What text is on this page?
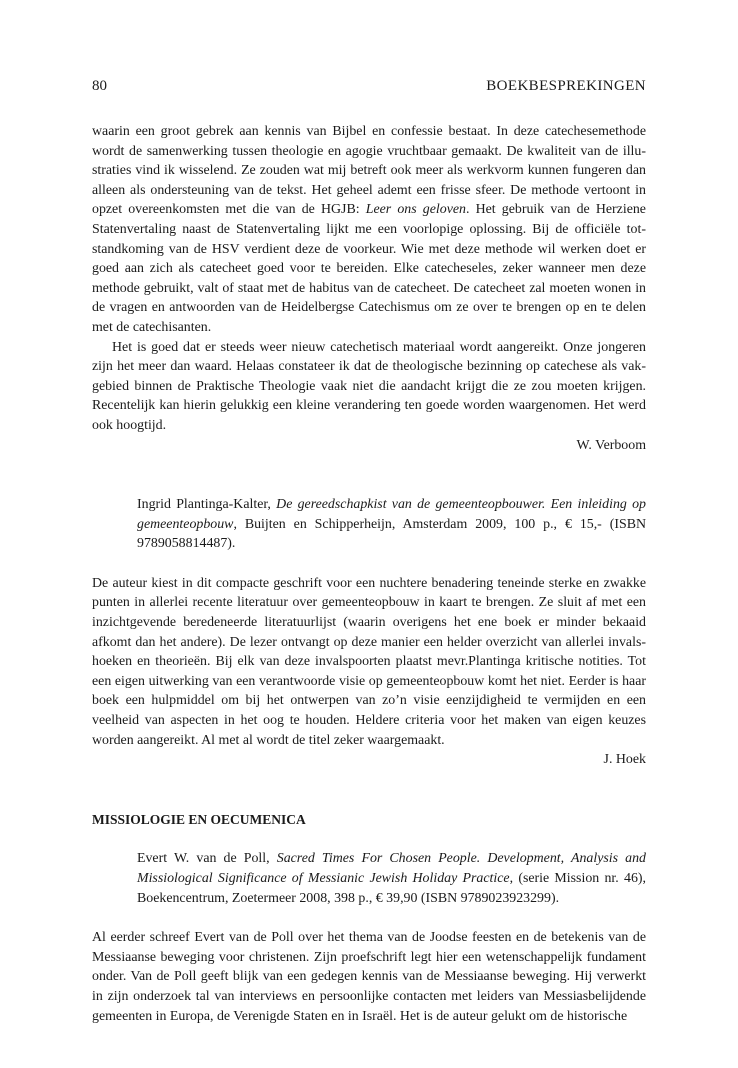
80	BOEKBESPREKINGEN

waarin een groot gebrek aan kennis van Bijbel en confessie bestaat. In deze catechesemethode wordt de samenwerking tussen theologie en agogie vruchtbaar gemaakt. De kwaliteit van de illustraties vind ik wisselend. Ze zouden wat mij betreft ook meer als werkvorm kunnen fungeren dan alleen als ondersteuning van de tekst. Het geheel ademt een frisse sfeer. De methode vertoont in opzet overeenkomsten met die van de HGJB: Leer ons geloven. Het gebruik van de Herziene Statenvertaling naast de Statenvertaling lijkt me een voorlopige oplossing. Bij de officiële totstandkoming van de HSV verdient deze de voorkeur. Wie met deze methode wil werken doet er goed aan zich als catecheet goed voor te bereiden. Elke catecheseles, zeker wanneer men deze methode gebruikt, valt of staat met de habitus van de catecheet. De catecheet zal moeten wonen in de vragen en antwoorden van de Heidelbergse Catechismus om ze over te brengen op en te delen met de catechisanten.

Het is goed dat er steeds weer nieuw catechetisch materiaal wordt aangereikt. Onze jongeren zijn het meer dan waard. Helaas constateer ik dat de theologische bezinning op catechese als vakgebied binnen de Praktische Theologie vaak niet die aandacht krijgt die ze zou moeten krijgen. Recentelijk kan hierin gelukkig een kleine verandering ten goede worden waargenomen. Het werd ook hoogtijd.

W. Verboom

Ingrid Plantinga-Kalter, De gereedschapkist van de gemeenteopbouwer. Een inleiding op gemeenteopbouw, Buijten en Schipperheijn, Amsterdam 2009, 100 p., € 15,- (ISBN 9789058814487).

De auteur kiest in dit compacte geschrift voor een nuchtere benadering teneinde sterke en zwakke punten in allerlei recente literatuur over gemeenteopbouw in kaart te brengen. Ze sluit af met een inzichtgevende beredeneerde literatuurlijst (waarin overigens het ene boek er minder bekaaid afkomt dan het andere). De lezer ontvangt op deze manier een helder overzicht van allerlei invalshoeken en theorieën. Bij elk van deze invalspoorten plaatst mevr.Plantinga kritische notities. Tot een eigen uitwerking van een verantwoorde visie op gemeenteopbouw komt het niet. Eerder is haar boek een hulpmiddel om bij het ontwerpen van zo’n visie eenzijdigheid te vermijden en een veelheid van aspecten in het oog te houden. Heldere criteria voor het maken van eigen keuzes worden aangereikt. Al met al wordt de titel zeker waargemaakt.

J. Hoek

MISSIOLOGIE EN OECUMENICA

Evert W. van de Poll, Sacred Times For Chosen People. Development, Analysis and Missiological Significance of Messianic Jewish Holiday Practice, (serie Mission nr. 46), Boekencentrum, Zoetermeer 2008, 398 p., € 39,90 (ISBN 9789023923299).

Al eerder schreef Evert van de Poll over het thema van de Joodse feesten en de betekenis van de Messiaanse beweging voor christenen. Zijn proefschrift legt hier een wetenschappelijk fundament onder. Van de Poll geeft blijk van een gedegen kennis van de Messiaanse beweging. Hij verwerkt in zijn onderzoek tal van interviews en persoonlijke contacten met leiders van Messiasbelijdende gemeenten in Europa, de Verenigde Staten en in Israël. Het is de auteur gelukt om de historische
